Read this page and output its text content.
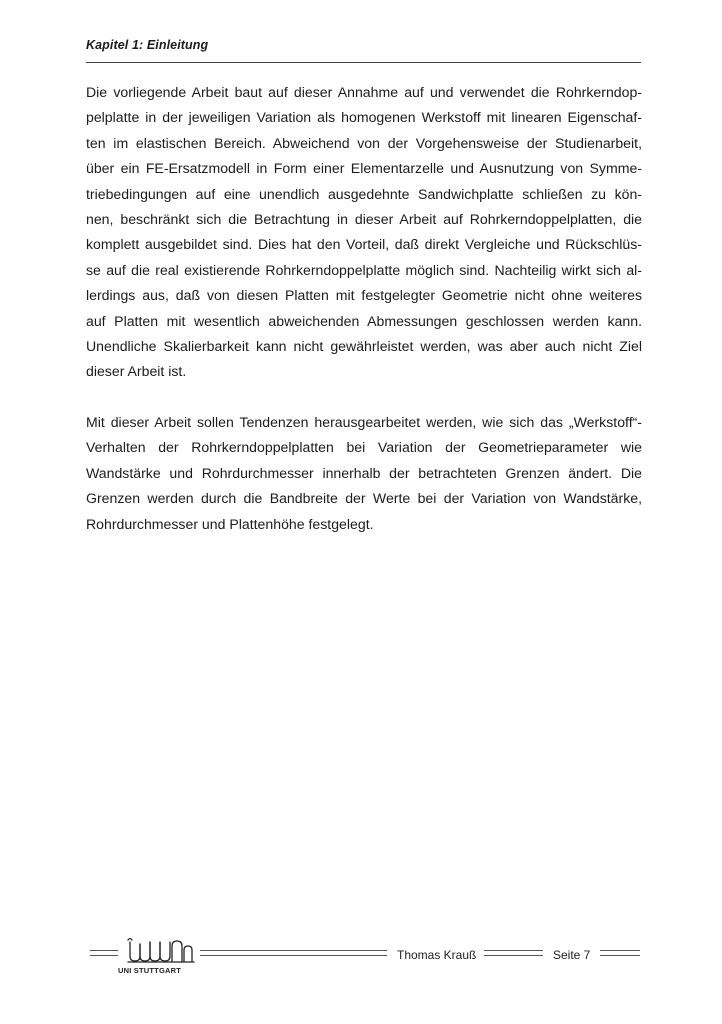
Kapitel 1: Einleitung

Die vorliegende Arbeit baut auf dieser Annahme auf und verwendet die Rohrkerndop-
pelplatte in der jeweiligen Variation als homogenen Werkstoff mit linearen Eigenschaf-
ten im elastischen Bereich. Abweichend von der Vorgehensweise der Studienarbeit,
über ein FE-Ersatzmodell in Form einer Elementarzelle und Ausnutzung von Symme-
triebedingungen auf eine unendlich ausgedehnte Sandwichplatte schließen zu kön-
nen, beschränkt sich die Betrachtung in dieser Arbeit auf Rohrkerndoppelplatten, die
komplett ausgebildet sind. Dies hat den Vorteil, daß direkt Vergleiche und Rückschlüs-
se auf die real existierende Rohrkerndoppelplatte möglich sind. Nachteilig wirkt sich al-
lerdings aus, daß von diesen Platten mit festgelegter Geometrie nicht ohne weiteres
auf Platten mit wesentlich abweichenden Abmessungen geschlossen werden kann.
Unendliche Skalierbarkeit kann nicht gewährleistet werden, was aber auch nicht Ziel
dieser Arbeit ist.

Mit dieser Arbeit sollen Tendenzen herausgearbeitet werden, wie sich das „Werkstoff“-
Verhalten der Rohrkerndoppelplatten bei Variation der Geometrieparameter wie
Wandstärke und Rohrdurchmesser innerhalb der betrachteten Grenzen ändert. Die
Grenzen werden durch die Bandbreite der Werte bei der Variation von Wandstärke,
Rohrdurchmesser und Plattenhöhe festgelegt.

UNI STUTTGART
Thomas Krauß	Seite 7
